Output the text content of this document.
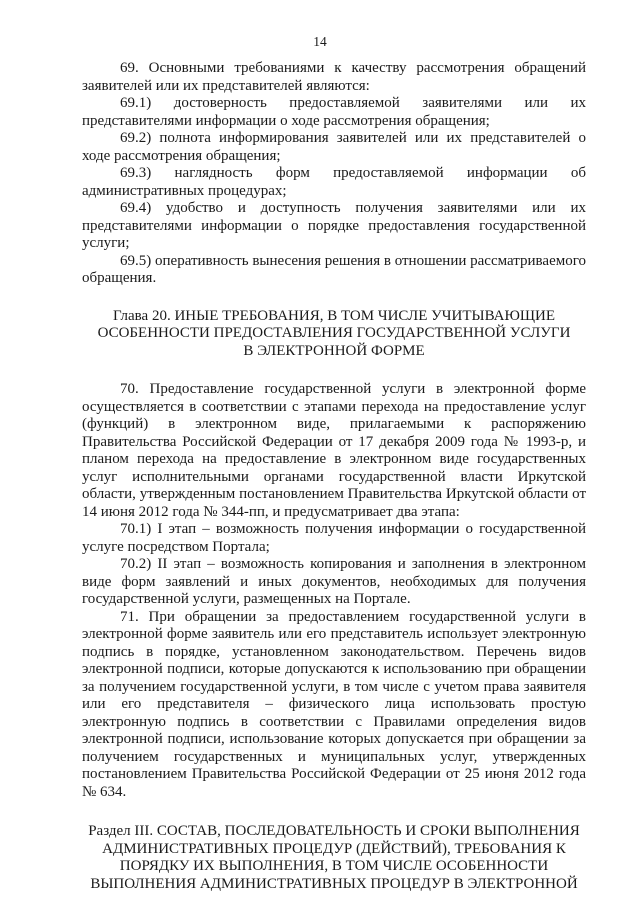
14

69. Основными требованиями к качеству рассмотрения обращений заявителей или их представителей являются:

69.1) достоверность предоставляемой заявителями или их представителями информации о ходе рассмотрения обращения;

69.2) полнота информирования заявителей или их представителей о ходе рассмотрения обращения;

69.3) наглядность форм предоставляемой информации об административных процедурах;

69.4) удобство и доступность получения заявителями или их представителями информации о порядке предоставления государственной услуги;

69.5) оперативность вынесения решения в отношении рассматриваемого обращения.

Глава 20. ИНЫЕ ТРЕБОВАНИЯ, В ТОМ ЧИСЛЕ УЧИТЫВАЮЩИЕ
ОСОБЕННОСТИ ПРЕДОСТАВЛЕНИЯ ГОСУДАРСТВЕННОЙ УСЛУГИ
В ЭЛЕКТРОННОЙ ФОРМЕ

70. Предоставление государственной услуги в электронной форме осуществляется в соответствии с этапами перехода на предоставление услуг (функций) в электронном виде, прилагаемыми к распоряжению Правительства Российской Федерации от 17 декабря 2009 года № 1993-р, и планом перехода на предоставление в электронном виде государственных услуг исполнительными органами государственной власти Иркутской области, утвержденным постановлением Правительства Иркутской области от 14 июня 2012 года № 344-пп, и предусматривает два этапа:

70.1) I этап – возможность получения информации о государственной услуге посредством Портала;

70.2) II этап – возможность копирования и заполнения в электронном виде форм заявлений и иных документов, необходимых для получения государственной услуги, размещенных на Портале.

71. При обращении за предоставлением государственной услуги в электронной форме заявитель или его представитель использует электронную подпись в порядке, установленном законодательством. Перечень видов электронной подписи, которые допускаются к использованию при обращении за получением государственной услуги, в том числе с учетом права заявителя или его представителя – физического лица использовать простую электронную подпись в соответствии с Правилами определения видов электронной подписи, использование которых допускается при обращении за получением государственных и муниципальных услуг, утвержденных постановлением Правительства Российской Федерации от 25 июня 2012 года № 634.

Раздел III. СОСТАВ, ПОСЛЕДОВАТЕЛЬНОСТЬ И СРОКИ ВЫПОЛНЕНИЯ
АДМИНИСТРАТИВНЫХ ПРОЦЕДУР (ДЕЙСТВИЙ), ТРЕБОВАНИЯ К
ПОРЯДКУ ИХ ВЫПОЛНЕНИЯ, В ТОМ ЧИСЛЕ ОСОБЕННОСТИ
ВЫПОЛНЕНИЯ АДМИНИСТРАТИВНЫХ ПРОЦЕДУР В ЭЛЕКТРОННОЙ
